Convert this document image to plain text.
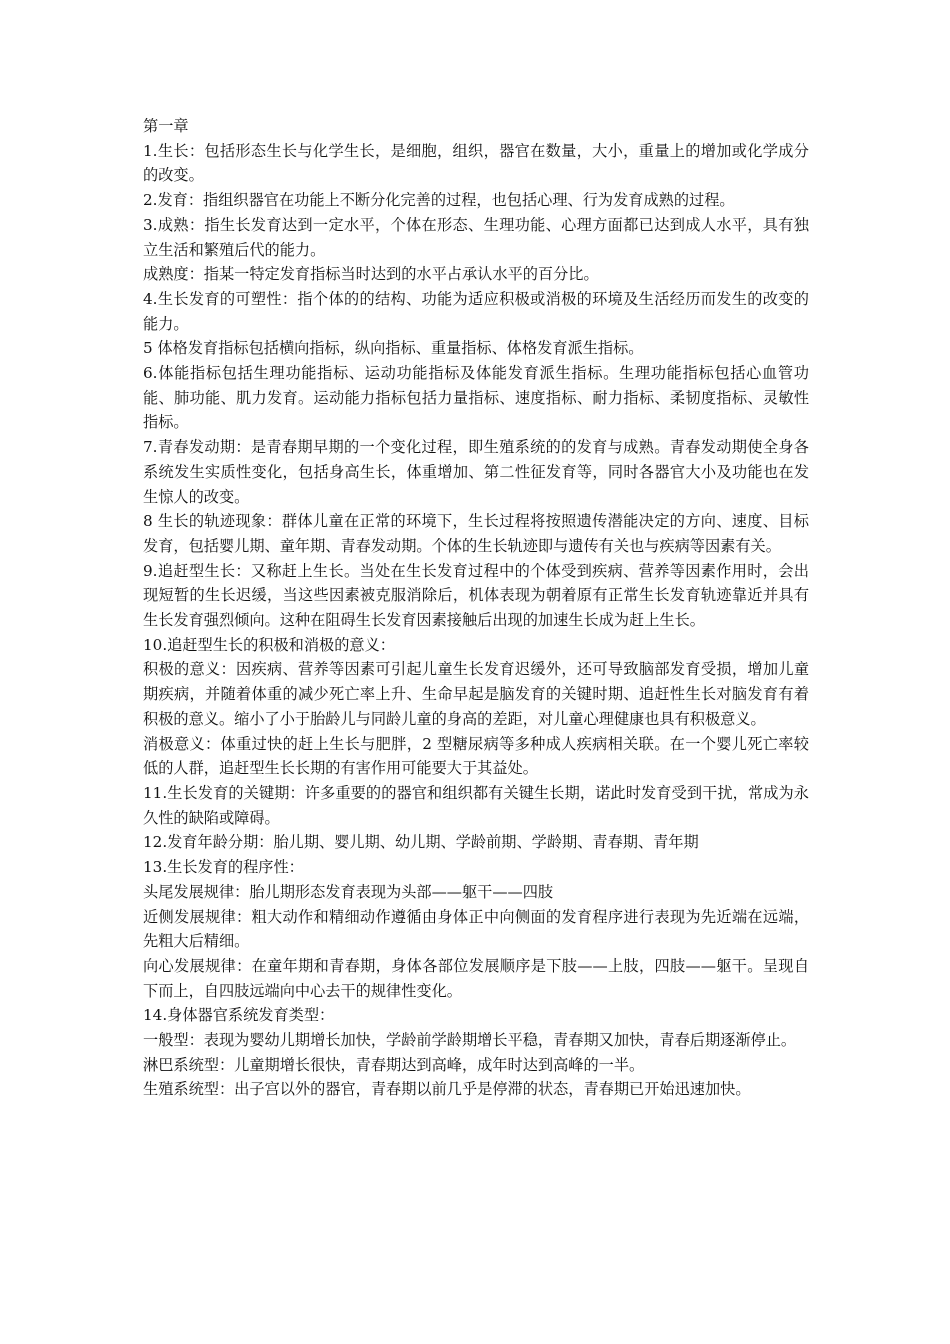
第一章

1.生长：包括形态生长与化学生长，是细胞，组织，器官在数量，大小，重量上的增加或化学成分的改变。

2.发育：指组织器官在功能上不断分化完善的过程，也包括心理、行为发育成熟的过程。

3.成熟：指生长发育达到一定水平，个体在形态、生理功能、心理方面都已达到成人水平，具有独立生活和繁殖后代的能力。

成熟度：指某一特定发育指标当时达到的水平占承认水平的百分比。

4.生长发育的可塑性：指个体的的结构、功能为适应积极或消极的环境及生活经历而发生的改变的能力。

5 体格发育指标包括横向指标，纵向指标、重量指标、体格发育派生指标。

6.体能指标包括生理功能指标、运动功能指标及体能发育派生指标。生理功能指标包括心血管功能、肺功能、肌力发育。运动能力指标包括力量指标、速度指标、耐力指标、柔韧度指标、灵敏性指标。

7.青春发动期：是青春期早期的一个变化过程，即生殖系统的的发育与成熟。青春发动期使全身各系统发生实质性变化，包括身高生长，体重增加、第二性征发育等，同时各器官大小及功能也在发生惊人的改变。

8 生长的轨迹现象：群体儿童在正常的环境下，生长过程将按照遗传潜能决定的方向、速度、目标发育，包括婴儿期、童年期、青春发动期。个体的生长轨迹即与遗传有关也与疾病等因素有关。

9.追赶型生长：又称赶上生长。当处在生长发育过程中的个体受到疾病、营养等因素作用时，会出现短暂的生长迟缓，当这些因素被克服消除后，机体表现为朝着原有正常生长发育轨迹靠近并具有生长发育强烈倾向。这种在阻碍生长发育因素接触后出现的加速生长成为赶上生长。

10.追赶型生长的积极和消极的意义：

积极的意义：因疾病、营养等因素可引起儿童生长发育迟缓外，还可导致脑部发育受损，增加儿童期疾病，并随着体重的减少死亡率上升、生命早起是脑发育的关键时期、追赶性生长对脑发育有着积极的意义。缩小了小于胎龄儿与同龄儿童的身高的差距，对儿童心理健康也具有积极意义。

消极意义：体重过快的赶上生长与肥胖，2 型糖尿病等多种成人疾病相关联。在一个婴儿死亡率较低的人群，追赶型生长长期的有害作用可能要大于其益处。

11.生长发育的关键期：许多重要的的器官和组织都有关键生长期，诺此时发育受到干扰，常成为永久性的缺陷或障碍。

12.发育年龄分期：胎儿期、婴儿期、幼儿期、学龄前期、学龄期、青春期、青年期

13.生长发育的程序性：

头尾发展规律：胎儿期形态发育表现为头部——躯干——四肢

近侧发展规律：粗大动作和精细动作遵循由身体正中向侧面的发育程序进行表现为先近端在远端，先粗大后精细。

向心发展规律：在童年期和青春期，身体各部位发展顺序是下肢——上肢，四肢——躯干。呈现自下而上，自四肢远端向中心去干的规律性变化。

14.身体器官系统发育类型：

一般型：表现为婴幼儿期增长加快，学龄前学龄期增长平稳，青春期又加快，青春后期逐渐停止。

淋巴系统型：儿童期增长很快，青春期达到高峰，成年时达到高峰的一半。

生殖系统型：出子宫以外的器官，青春期以前几乎是停滞的状态，青春期已开始迅速加快。
